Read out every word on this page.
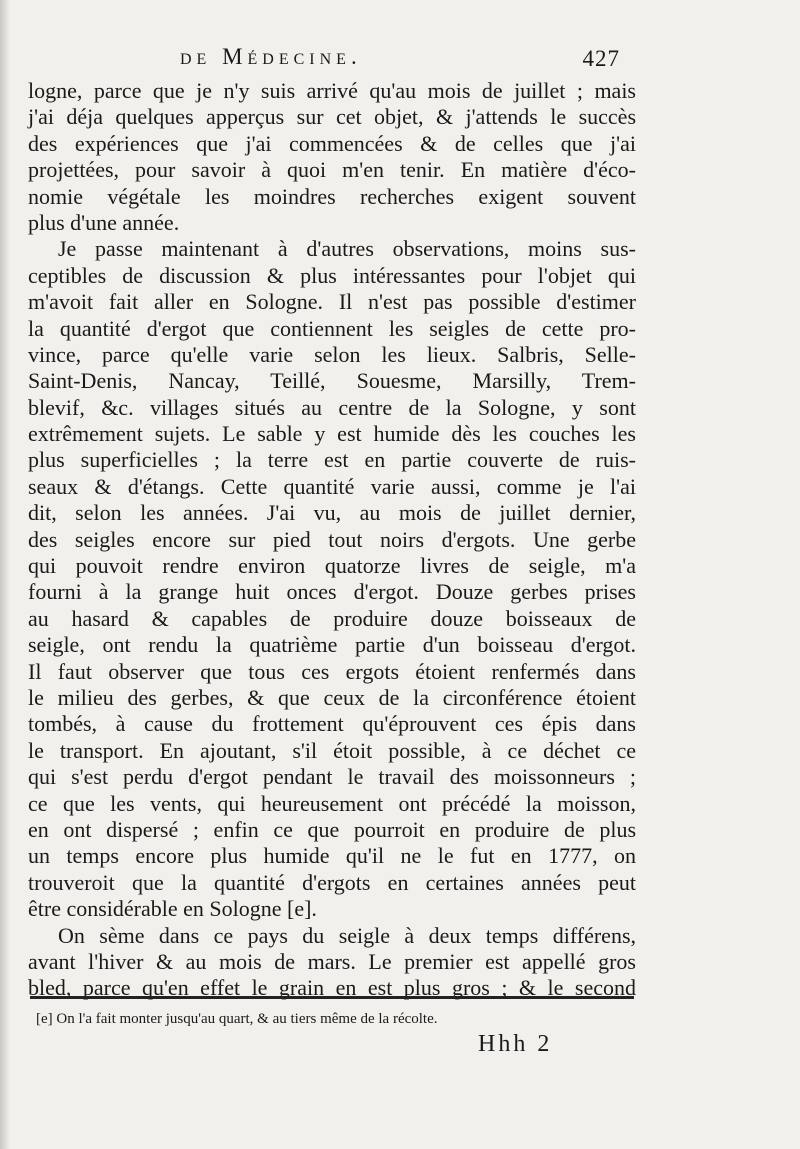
de Médecine.	427
logne, parce que je n'y suis arrivé qu'au mois de juillet ; mais
j'ai déja quelques apperçus sur cet objet, & j'attends le succès
des expériences que j'ai commencées & de celles que j'ai
projettées, pour savoir à quoi m'en tenir. En matière d'éco-
nomie végétale les moindres recherches exigent souvent
plus d'une année.
Je passe maintenant à d'autres observations, moins sus-
ceptibles de discussion & plus intéressantes pour l'objet qui
m'avoit fait aller en Sologne. Il n'est pas possible d'estimer
la quantité d'ergot que contiennent les seigles de cette pro-
vince, parce qu'elle varie selon les lieux. Salbris, Selle-
Saint-Denis, Nancay, Teillé, Souesme, Marsilly, Trem-
blevif, &c. villages situés au centre de la Sologne, y sont
extrêmement sujets. Le sable y est humide dès les couches les
plus superficielles ; la terre est en partie couverte de ruis-
seaux & d'étangs. Cette quantité varie aussi, comme je l'ai
dit, selon les années. J'ai vu, au mois de juillet dernier,
des seigles encore sur pied tout noirs d'ergots. Une gerbe
qui pouvoit rendre environ quatorze livres de seigle, m'a
fourni à la grange huit onces d'ergot. Douze gerbes prises
au hasard & capables de produire douze boisseaux de
seigle, ont rendu la quatrième partie d'un boisseau d'ergot.
Il faut observer que tous ces ergots étoient renfermés dans
le milieu des gerbes, & que ceux de la circonférence étoient
tombés, à cause du frottement qu'éprouvent ces épis dans
le transport. En ajoutant, s'il étoit possible, à ce déchet ce
qui s'est perdu d'ergot pendant le travail des moissonneurs ;
ce que les vents, qui heureusement ont précédé la moisson,
en ont dispersé ; enfin ce que pourroit en produire de plus
un temps encore plus humide qu'il ne le fut en 1777, on
trouveroit que la quantité d'ergots en certaines années peut
être considérable en Sologne [e].
On sème dans ce pays du seigle à deux temps différens,
avant l'hiver & au mois de mars. Le premier est appellé gros
bled, parce qu'en effet le grain en est plus gros ; & le second
[e] On l'a fait monter jusqu'au quart, & au tiers même de la récolte.
Hhh 2
